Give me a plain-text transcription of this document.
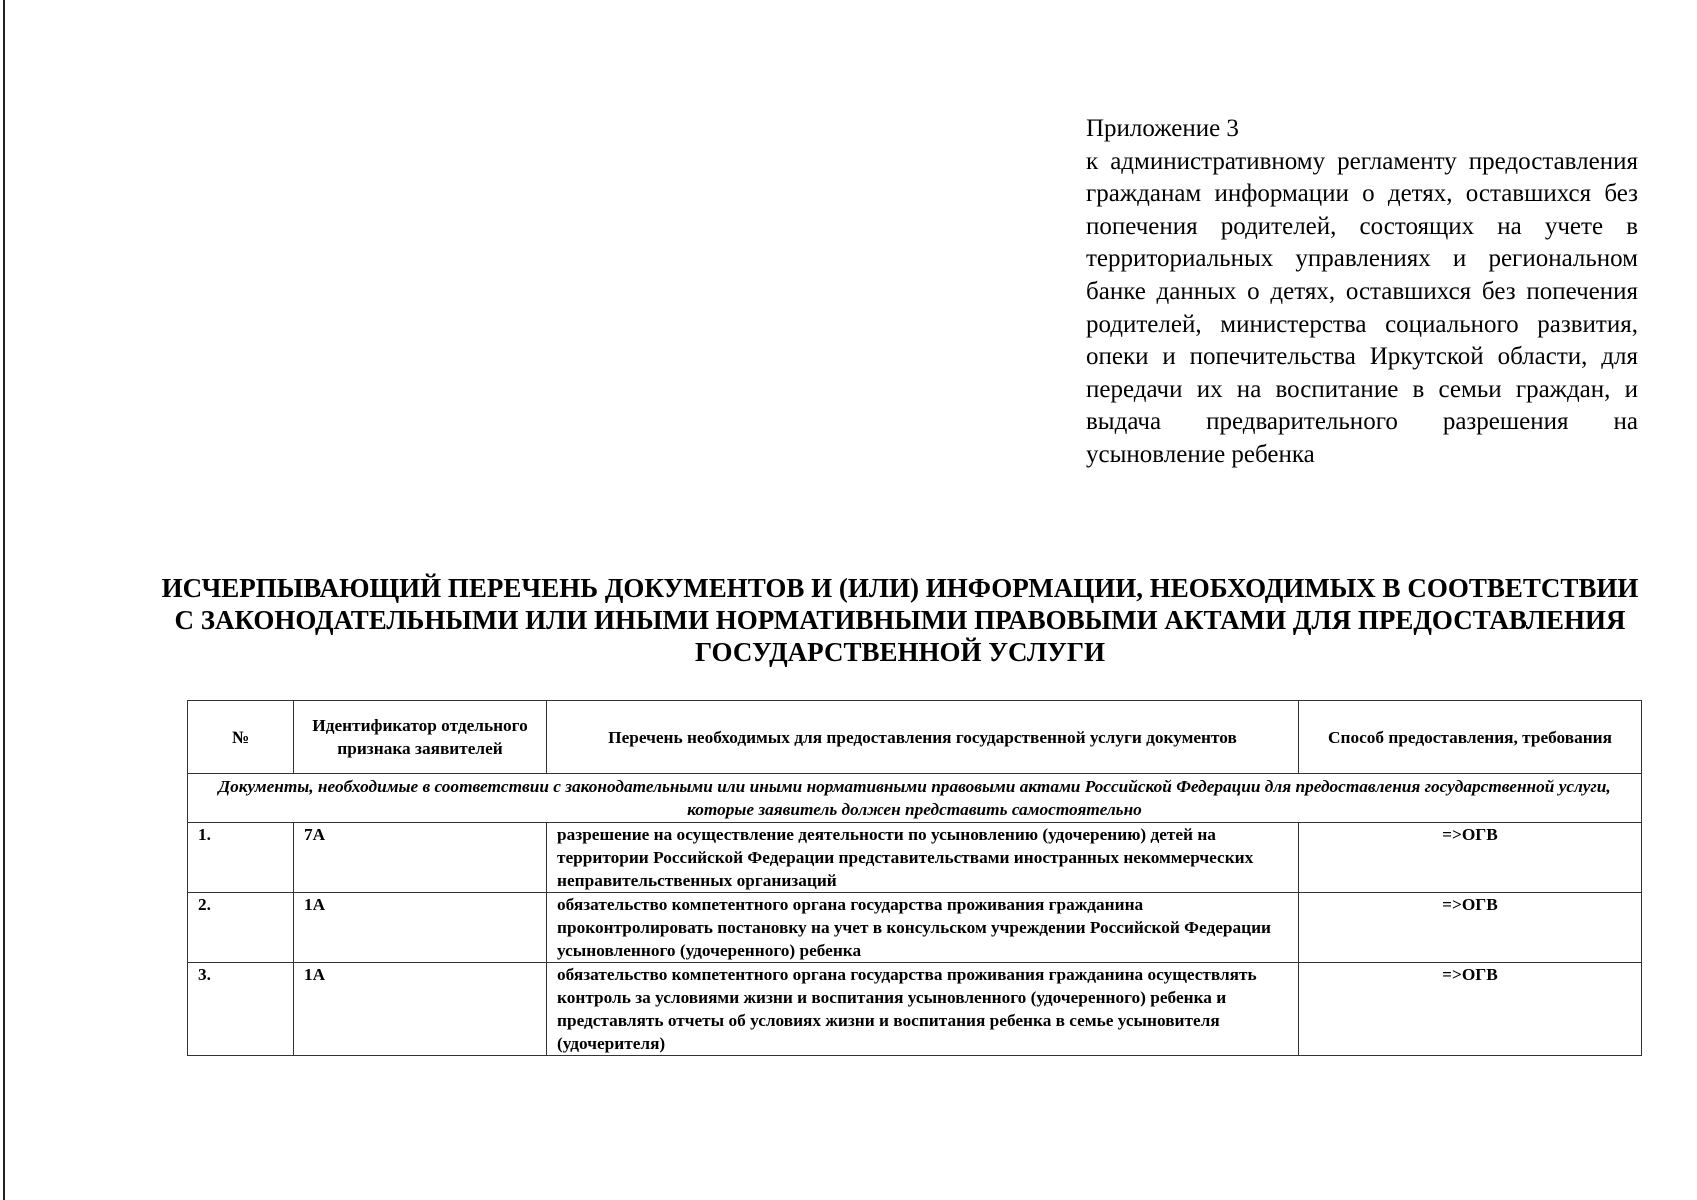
Приложение 3
к административному регламенту предоставления гражданам информации о детях, оставшихся без попечения родителей, состоящих на учете в территориальных управлениях и региональном банке данных о детях, оставшихся без попечения родителей, министерства социального развития, опеки и попечительства Иркутской области, для передачи их на воспитание в семьи граждан, и выдача предварительного разрешения на усыновление ребенка
ИСЧЕРПЫВАЮЩИЙ ПЕРЕЧЕНЬ ДОКУМЕНТОВ И (ИЛИ) ИНФОРМАЦИИ, НЕОБХОДИМЫХ В СООТВЕТСТВИИ С ЗАКОНОДАТЕЛЬНЫМИ ИЛИ ИНЫМИ НОРМАТИВНЫМИ ПРАВОВЫМИ АКТАМИ ДЛЯ ПРЕДОСТАВЛЕНИЯ ГОСУДАРСТВЕННОЙ УСЛУГИ
№	Идентификатор отдельного признака заявителей	Перечень необходимых для предоставления государственной услуги документов	Способ предоставления, требования
Документы, необходимые в соответствии с законодательными или иными нормативными правовыми актами Российской Федерации для предоставления государственной услуги, которые заявитель должен представить самостоятельно			
1.	7А	разрешение на осуществление деятельности по усыновлению (удочерению) детей на территории Российской Федерации представительствами иностранных некоммерческих неправительственных организаций	=>ОГВ
2.	1А	обязательство компетентного органа государства проживания гражданина проконтролировать постановку на учет в консульском учреждении Российской Федерации усыновленного (удочеренного) ребенка	=>ОГВ
3.	1А	обязательство компетентного органа государства проживания гражданина осуществлять контроль за условиями жизни и воспитания усыновленного (удочеренного) ребенка и представлять отчеты об условиях жизни и воспитания ребенка в семье усыновителя (удочерителя)	=>ОГВ
